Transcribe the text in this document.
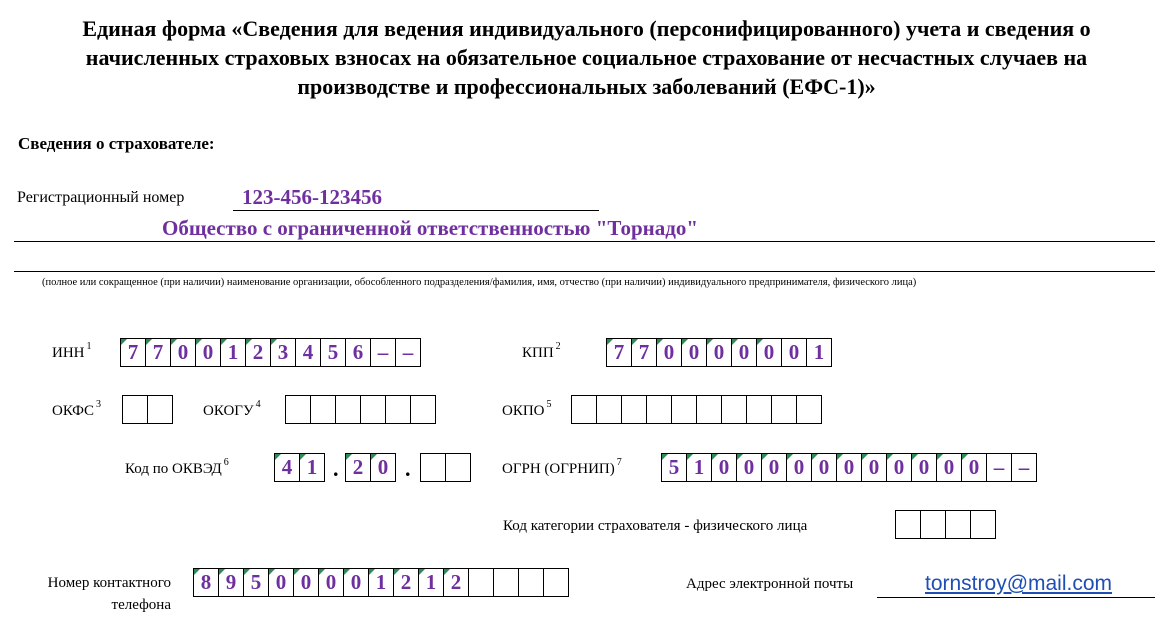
Единая форма «Сведения для ведения индивидуального (персонифицированного) учета и сведения о начисленных страховых взносах на обязательное социальное страхование от несчастных случаев на производстве и профессиональных заболеваний (ЕФС-1)»
Сведения о страхователе:
Регистрационный номер	123-456-123456
Общество с ограниченной ответственностью "Торнадо"
(полное или сокращенное (при наличии) наименование организации, обособленного подразделения/фамилия, имя, отчество (при наличии) индивидуального предпринимателя, физического лица)
ИНН $^1$	7 7 0 0 1 2 3 4 5 6 – –	КПП $^2$	7 7 0 0 0 0 0 0 1
ОКФС $^3$	ОКОГУ $^4$	ОКПО $^5$
Код по ОКВЭД $^6$	4 1 . 2 0 .	ОГРН (ОГРНИП) $^7$	5 1 0 0 0 0 0 0 0 0 0 0 0 – –
Код категории страхователя - физического лица
Номер контактного
телефона
8 9 5 0 0 0 0 1 2 1 2	Адрес электронной почты	tornstroy@mail.com
